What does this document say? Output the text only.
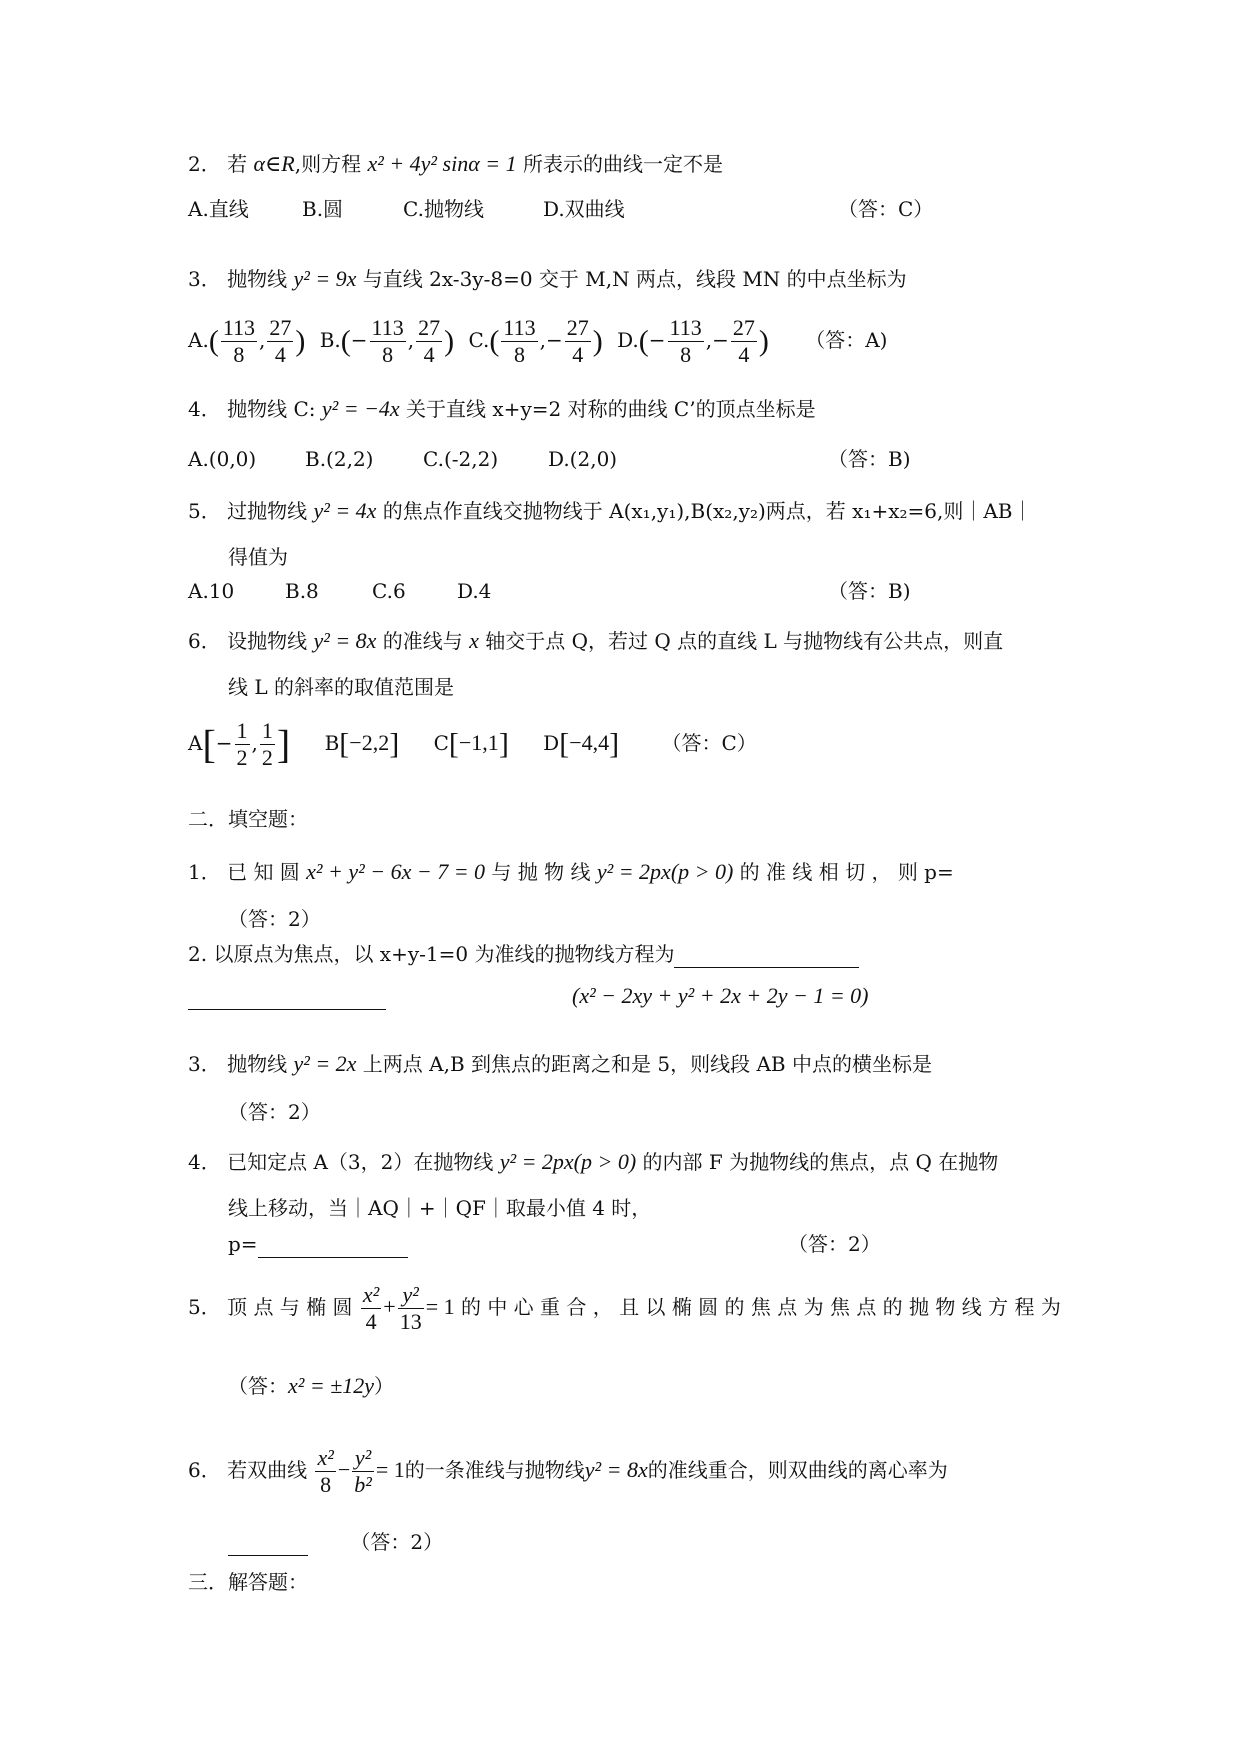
2． 若 α∈R,则方程 x² + 4y² sinα = 1 所表示的曲线一定不是
A.直线	B.圆	C.抛物线	D.双曲线	（答：C）
3． 抛物线 y² = 9x 与直线 2x-3y-8=0 交于 M,N 两点，线段 MN 的中点坐标为
$A.( \frac{113}{8}$ , $\frac{27}{4}$ ) $B.(- \frac{113}{8}$ , $\frac{27}{4}$ ) $C.( \frac{113}{8}$ ,− $\frac{27}{4}$ ) $D.(- \frac{113}{8}$ ,− $\frac{27}{4}$ ) （答：A)
4． 抛物线 C: y² = −4x 关于直线 x+y=2 对称的曲线 C’的顶点坐标是
A.(0,0) B.(2,2) C.(-2,2) D.(2,0)	（答：B)
5． 过抛物线 y² = 4x 的焦点作直线交抛物线于 A(x₁,y₁),B(x₂,y₂)两点，若 x₁+x₂=6,则｜AB｜
得值为
A.10	B.8	C.6	D.4	（答：B)
6． 设抛物线 y² = 8x 的准线与 x 轴交于点 Q，若过 Q 点的直线 L 与抛物线有公共点，则直
线 L 的斜率的取值范围是
$A[- \frac{1}{2}$ , $\frac{1}{2}$ ] B[−2,2] C[−1,1] D[−4,4] （答：C）
二．填空题：
1． 已 知 圆 x² + y² − 6x − 7 = 0 与 抛 物 线 y² = 2px(p > 0) 的 准 线 相 切 ， 则 p=
（答：2）
2. 以原点为焦点，以 x+y-1=0 为准线的抛物线方程为
(x² − 2xy + y² + 2x + 2y − 1 = 0)
3． 抛物线 y² = 2x 上两点 A,B 到焦点的距离之和是 5，则线段 AB 中点的横坐标是
（答：2）
4． 已知定点 A（3，2）在抛物线 y² = 2px(p > 0) 的内部 F 为抛物线的焦点，点 Q 在抛物
线上移动，当｜AQ｜+｜QF｜取最小值 4 时，
p=	（答：2）
5． 顶 点 与 椭 圆 $\frac{\text{x²}}{4} + \frac{\text{y²}}{13} = 1$ 的 中 心 重 合 ， 且 以 椭 圆 的 焦 点 为 焦 点 的 抛 物 线 方 程 为
（答：x² = ±12y）
6． 若双曲线 $\frac{\text{x²}}{8} - \frac{\text{y²}}{\text{b²}} = 1$的一条准线与抛物线y² = 8x的准线重合，则双曲线的离心率为
（答：2）
三．解答题：
